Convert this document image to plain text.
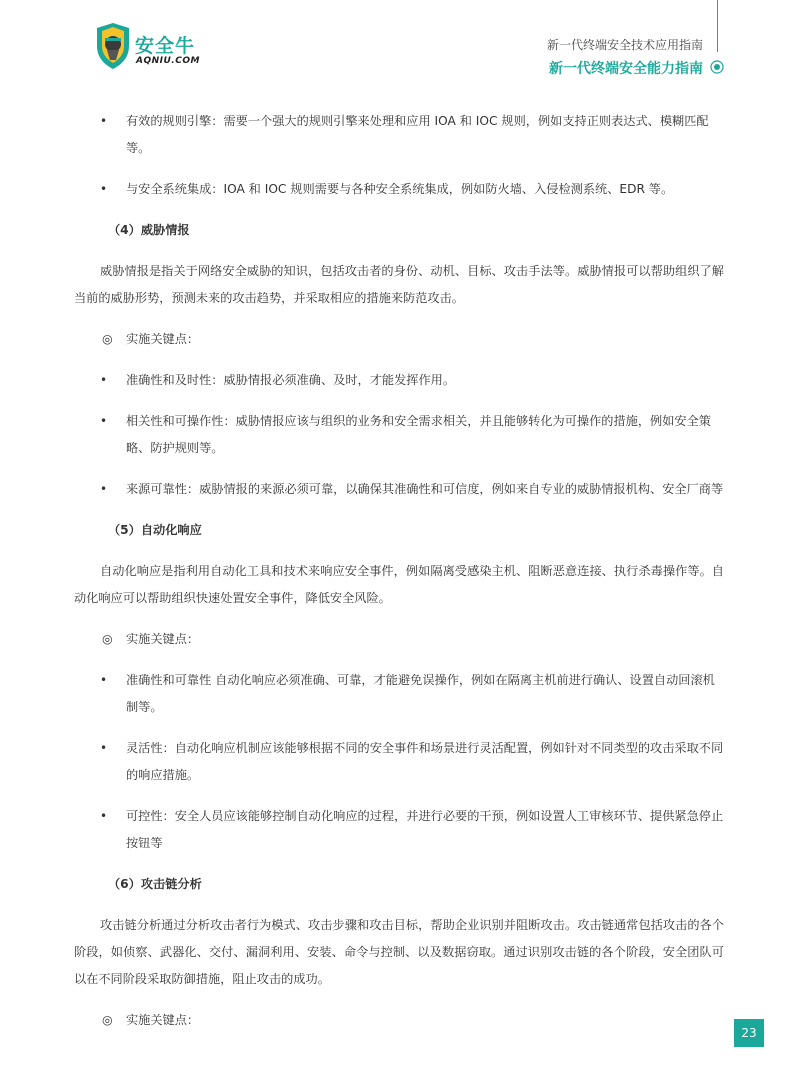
安全牛
AQNIU.COM
新一代终端安全技术应用指南
新一代终端安全能力指南
• 有效的规则引擎：需要一个强大的规则引擎来处理和应用 IOA 和 IOC 规则，例如支持正则表达式、模糊匹配等。
• 与安全系统集成：IOA 和 IOC 规则需要与各种安全系统集成，例如防火墙、入侵检测系统、EDR 等。
（4）威胁情报
威胁情报是指关于网络安全威胁的知识，包括攻击者的身份、动机、目标、攻击手法等。威胁情报可以帮助组织了解当前的威胁形势，预测未来的攻击趋势，并采取相应的措施来防范攻击。
◎ 实施关键点：
• 准确性和及时性：威胁情报必须准确、及时，才能发挥作用。
• 相关性和可操作性：威胁情报应该与组织的业务和安全需求相关，并且能够转化为可操作的措施，例如安全策略、防护规则等。
• 来源可靠性：威胁情报的来源必须可靠，以确保其准确性和可信度，例如来自专业的威胁情报机构、安全厂商等
（5）自动化响应
自动化响应是指利用自动化工具和技术来响应安全事件，例如隔离受感染主机、阻断恶意连接、执行杀毒操作等。自动化响应可以帮助组织快速处置安全事件，降低安全风险。
◎ 实施关键点：
• 准确性和可靠性 自动化响应必须准确、可靠，才能避免误操作，例如在隔离主机前进行确认、设置自动回滚机制等。
• 灵活性：自动化响应机制应该能够根据不同的安全事件和场景进行灵活配置，例如针对不同类型的攻击采取不同的响应措施。
• 可控性：安全人员应该能够控制自动化响应的过程，并进行必要的干预，例如设置人工审核环节、提供紧急停止按钮等
（6）攻击链分析
攻击链分析通过分析攻击者行为模式、攻击步骤和攻击目标，帮助企业识别并阻断攻击。攻击链通常包括攻击的各个阶段，如侦察、武器化、交付、漏洞利用、安装、命令与控制、以及数据窃取。通过识别攻击链的各个阶段，安全团队可以在不同阶段采取防御措施，阻止攻击的成功。
◎ 实施关键点：
23
